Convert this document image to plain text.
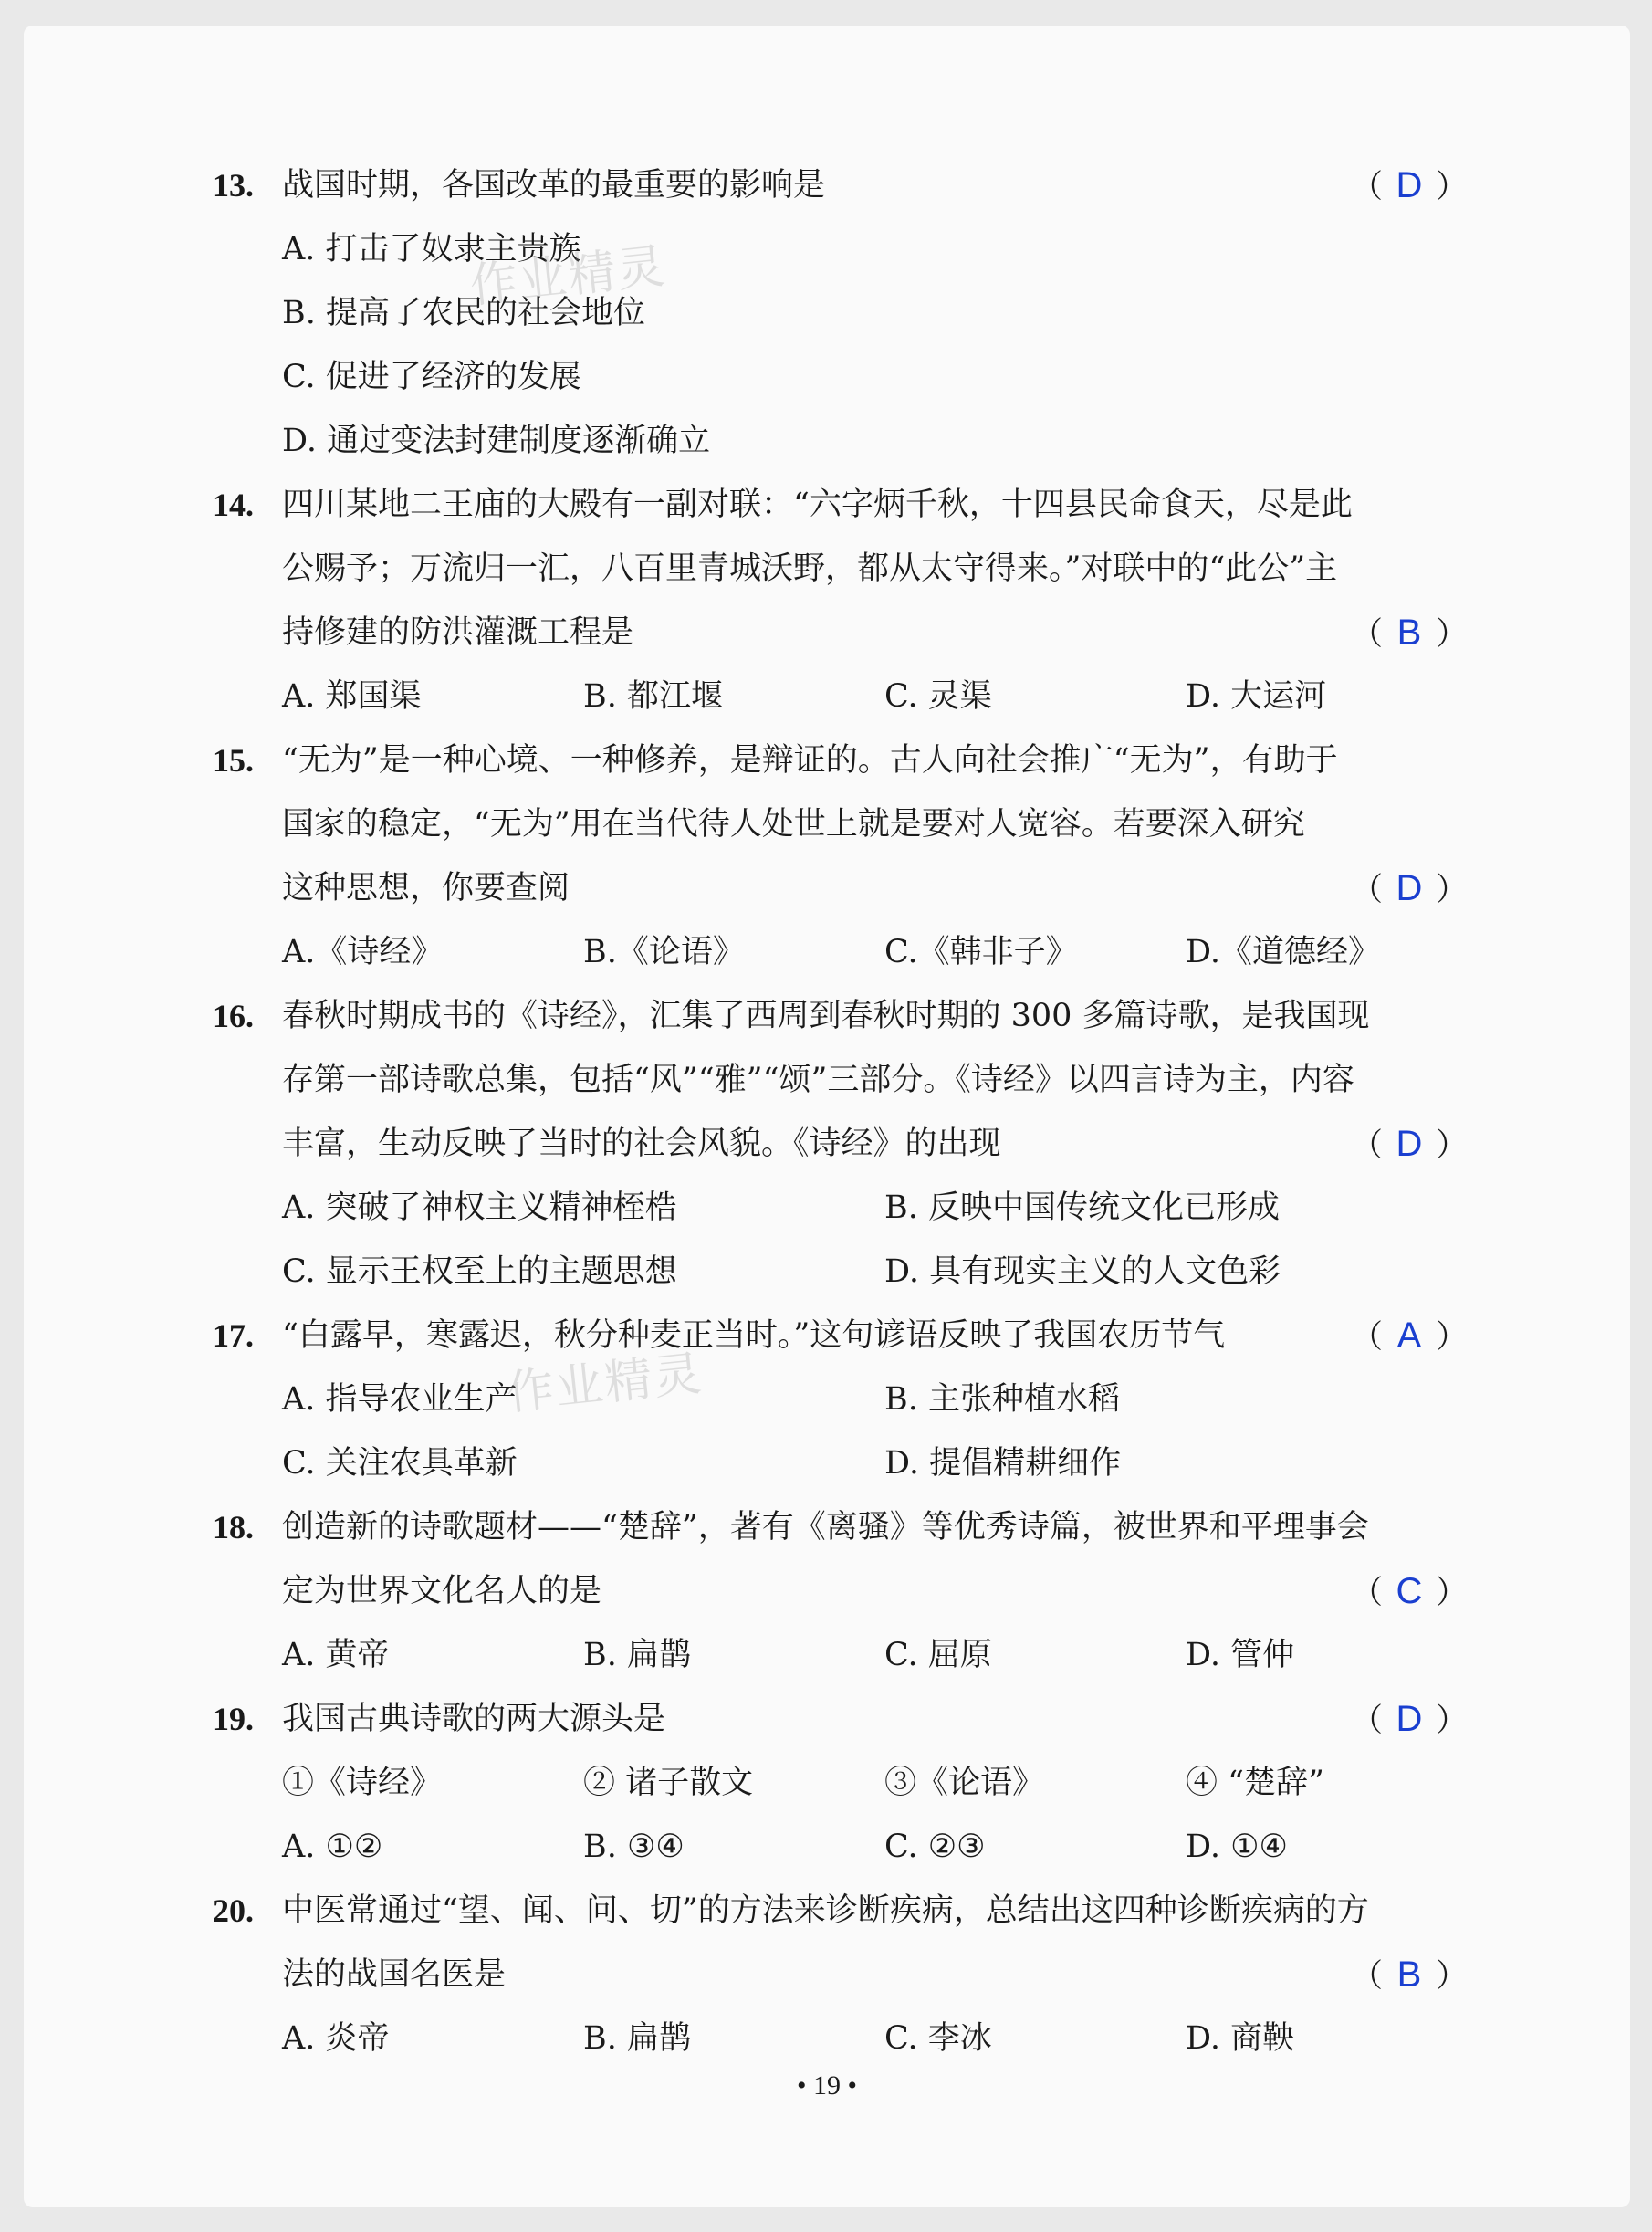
13. 战国时期，各国改革的最重要的影响是	（ D ）
A. 打击了奴隶主贵族
B. 提高了农民的社会地位
C. 促进了经济的发展
D. 通过变法封建制度逐渐确立
14. 四川某地二王庙的大殿有一副对联：“六字炳千秋，十四县民命食天，尽是此
公赐予；万流归一汇，八百里青城沃野，都从太守得来。”对联中的“此公”主
持修建的防洪灌溉工程是	（ B ）
A. 郑国渠	B. 都江堰	C. 灵渠	D. 大运河
15. “无为”是一种心境、一种修养，是辩证的。古人向社会推广“无为”，有助于
国家的稳定，“无为”用在当代待人处世上就是要对人宽容。若要深入研究
这种思想，你要查阅	（ D ）
A.《诗经》	B.《论语》	C.《韩非子》	D.《道德经》
16. 春秋时期成书的《诗经》，汇集了西周到春秋时期的 300 多篇诗歌，是我国现
存第一部诗歌总集，包括“风”“雅”“颂”三部分。《诗经》以四言诗为主，内容
丰富，生动反映了当时的社会风貌。《诗经》的出现	（ D ）
A. 突破了神权主义精神桎梏	B. 反映中国传统文化已形成
C. 显示王权至上的主题思想	D. 具有现实主义的人文色彩
17. “白露早，寒露迟，秋分种麦正当时。”这句谚语反映了我国农历节气	（ A ）
A. 指导农业生产	B. 主张种植水稻
C. 关注农具革新	D. 提倡精耕细作
18. 创造新的诗歌题材——“楚辞”，著有《离骚》等优秀诗篇，被世界和平理事会
定为世界文化名人的是	（ C ）
A. 黄帝	B. 扁鹊	C. 屈原	D. 管仲
19. 我国古典诗歌的两大源头是	（ D ）
①《诗经》	② 诸子散文	③《论语》	④ “楚辞”
A. ①②	B. ③④	C. ②③	D. ①④
20. 中医常通过“望、闻、问、切”的方法来诊断疾病，总结出这四种诊断疾病的方
法的战国名医是	（ B ）
A. 炎帝	B. 扁鹊	C. 李冰	D. 商鞅
作业精灵
作业精灵
• 19 •
